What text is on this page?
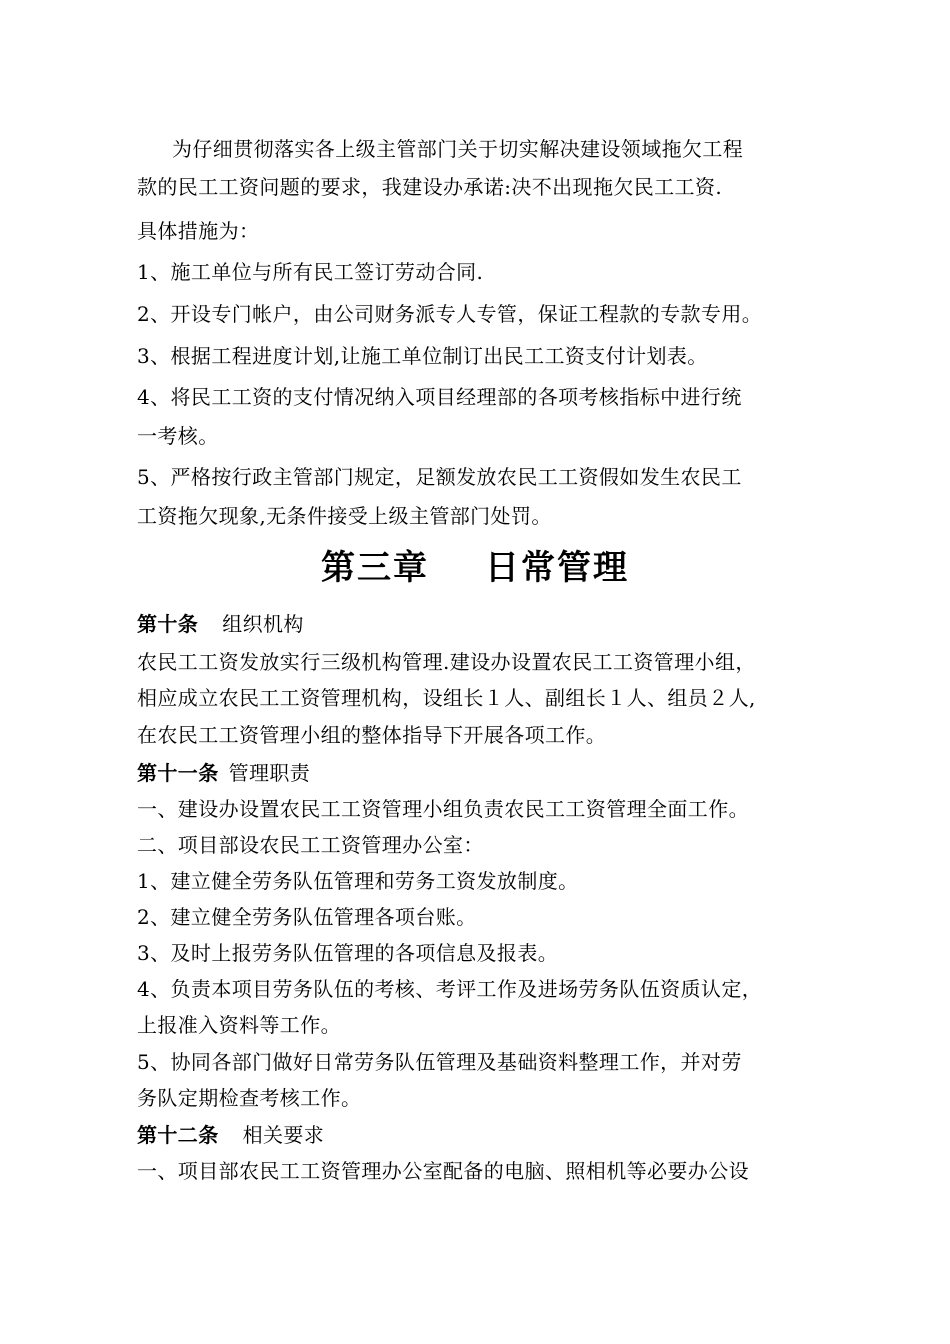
为仔细贯彻落实各上级主管部门关于切实解决建设领域拖欠工程
款的民工工资问题的要求，我建设办承诺:决不出现拖欠民工工资.
具体措施为：
1、施工单位与所有民工签订劳动合同.
2、开设专门帐户，由公司财务派专人专管，保证工程款的专款专用。
3、根据工程进度计划,让施工单位制订出民工工资支付计划表。
4、将民工工资的支付情况纳入项目经理部的各项考核指标中进行统
一考核。
5、严格按行政主管部门规定，足额发放农民工工资假如发生农民工
工资拖欠现象,无条件接受上级主管部门处罚。
第三章 日常管理
第十条 组织机构
农民工工资发放实行三级机构管理.建设办设置农民工工资管理小组，
相应成立农民工工资管理机构，设组长１人、副组长１人、组员２人,
在农民工工资管理小组的整体指导下开展各项工作。
第十一条 管理职责
一、建设办设置农民工工资管理小组负责农民工工资管理全面工作。
二、项目部设农民工工资管理办公室：
1、建立健全劳务队伍管理和劳务工资发放制度。
2、建立健全劳务队伍管理各项台账。
3、及时上报劳务队伍管理的各项信息及报表。
4、负责本项目劳务队伍的考核、考评工作及进场劳务队伍资质认定，
上报准入资料等工作。
5、协同各部门做好日常劳务队伍管理及基础资料整理工作，并对劳
务队定期检查考核工作。
第十二条 相关要求
一、项目部农民工工资管理办公室配备的电脑、照相机等必要办公设
